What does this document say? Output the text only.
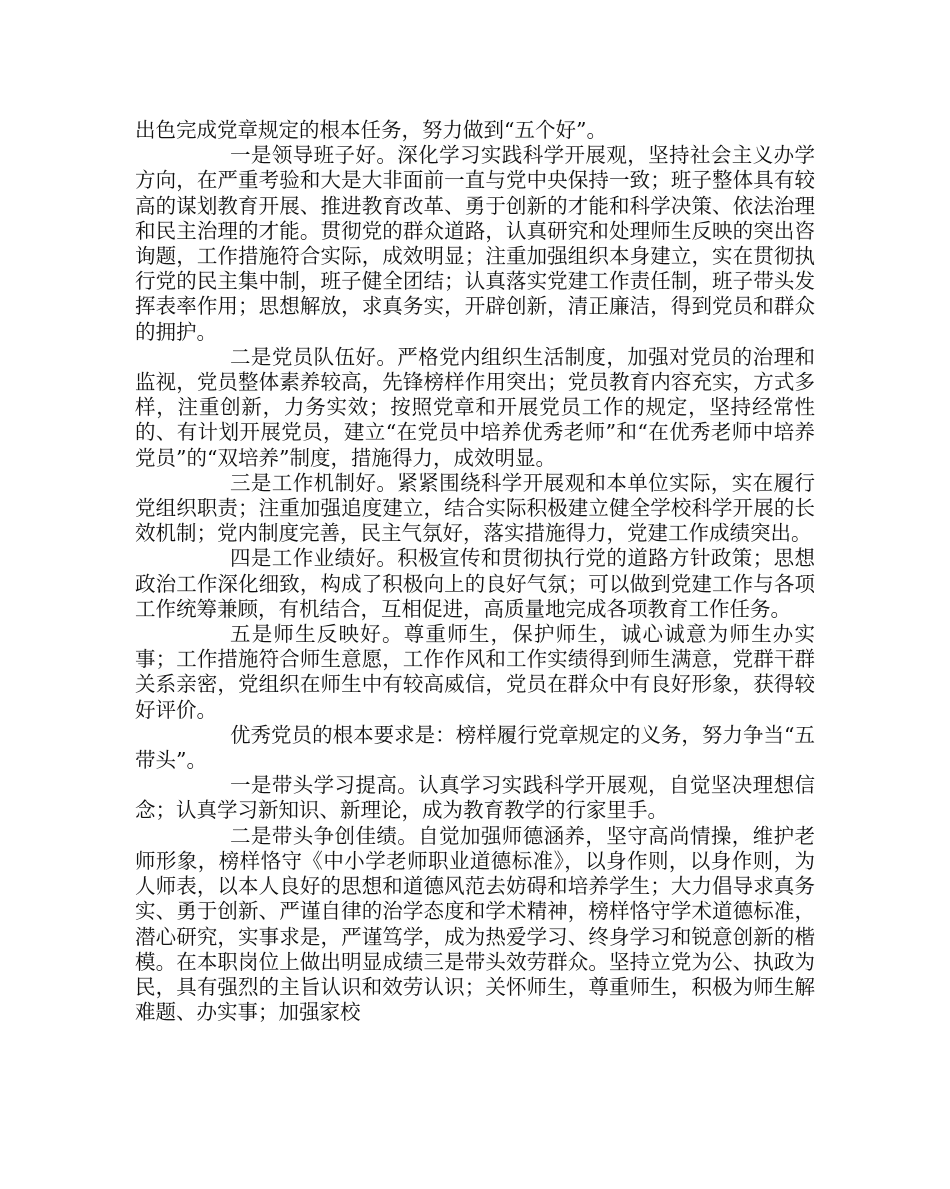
出色完成党章规定的根本任务，努力做到“五个好”。

一是领导班子好。深化学习实践科学开展观，坚持社会主义办学方向，在严重考验和大是大非面前一直与党中央保持一致；班子整体具有较高的谋划教育开展、推进教育改革、勇于创新的才能和科学决策、依法治理和民主治理的才能。贯彻党的群众道路，认真研究和处理师生反映的突出咨询题，工作措施符合实际，成效明显；注重加强组织本身建立，实在贯彻执行党的民主集中制，班子健全团结；认真落实党建工作责任制，班子带头发挥表率作用；思想解放，求真务实，开辟创新，清正廉洁，得到党员和群众的拥护。

二是党员队伍好。严格党内组织生活制度，加强对党员的治理和监视，党员整体素养较高，先锋榜样作用突出；党员教育内容充实，方式多样，注重创新，力务实效；按照党章和开展党员工作的规定，坚持经常性的、有计划开展党员，建立“在党员中培养优秀老师”和“在优秀老师中培养党员”的“双培养”制度，措施得力，成效明显。

三是工作机制好。紧紧围绕科学开展观和本单位实际，实在履行党组织职责；注重加强追度建立，结合实际积极建立健全学校科学开展的长效机制；党内制度完善，民主气氛好，落实措施得力，党建工作成绩突出。

四是工作业绩好。积极宣传和贯彻执行党的道路方针政策；思想政治工作深化细致，构成了积极向上的良好气氛；可以做到党建工作与各项工作统筹兼顾，有机结合，互相促进，高质量地完成各项教育工作任务。

五是师生反映好。尊重师生，保护师生，诚心诚意为师生办实事；工作措施符合师生意愿，工作作风和工作实绩得到师生满意，党群干群关系亲密，党组织在师生中有较高威信，党员在群众中有良好形象，获得较好评价。

优秀党员的根本要求是：榜样履行党章规定的义务，努力争当“五带头”。

一是带头学习提高。认真学习实践科学开展观，自觉坚决理想信念；认真学习新知识、新理论，成为教育教学的行家里手。

二是带头争创佳绩。自觉加强师德涵养，坚守高尚情操，维护老师形象，榜样恪守《中小学老师职业道德标准》，以身作则，以身作则，为人师表，以本人良好的思想和道德风范去妨碍和培养学生；大力倡导求真务实、勇于创新、严谨自律的治学态度和学术精神，榜样恪守学术道德标准，潜心研究，实事求是，严谨笃学，成为热爱学习、终身学习和锐意创新的楷模。在本职岗位上做出明显成绩三是带头效劳群众。坚持立党为公、执政为民，具有强烈的主旨认识和效劳认识；关怀师生，尊重师生，积极为师生解难题、办实事；加强家校
